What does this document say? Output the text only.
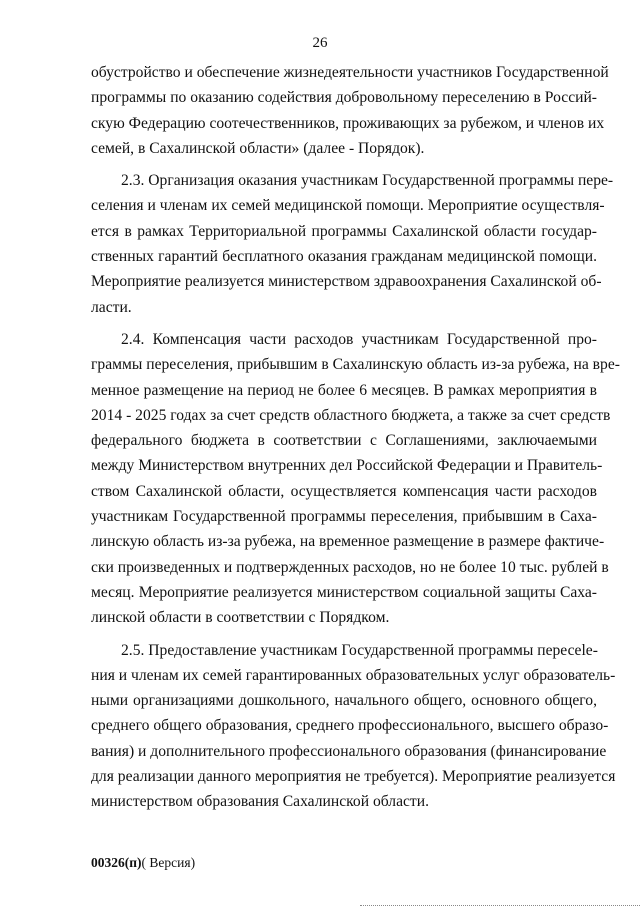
26
обустройство и обеспечение жизнедеятельности участников Государственной
программы по оказанию содействия добровольному переселению в Россий-
скую Федерацию соотечественников, проживающих за рубежом, и членов их
семей, в Сахалинской области» (далее - Порядок).
2.3. Организация оказания участникам Государственной программы пере-
селения и членам их семей медицинской помощи. Мероприятие осуществля-
ется в рамках Территориальной программы Сахалинской области государ-
ственных гарантий бесплатного оказания гражданам медицинской помощи.
Мероприятие реализуется министерством здравоохранения Сахалинской об-
ласти.
2.4. Компенсация части расходов участникам Государственной про-
граммы переселения, прибывшим в Сахалинскую область из-за рубежа, на вре-
менное размещение на период не более 6 месяцев. В рамках мероприятия в
2014 - 2025 годах за счет средств областного бюджета, а также за счет средств
федерального бюджета в соответствии с Соглашениями, заключаемыми
между Министерством внутренних дел Российской Федерации и Правитель-
ством Сахалинской области, осуществляется компенсация части расходов
участникам Государственной программы переселения, прибывшим в Саха-
линскую область из-за рубежа, на временное размещение в размере фактиче-
ски произведенных и подтвержденных расходов, но не более 10 тыс. рублей в
месяц. Мероприятие реализуется министерством социальной защиты Саха-
линской области в соответствии с Порядком.
2.5. Предоставление участникам Государственной программы пересele-
ния и членам их семей гарантированных образовательных услуг образователь-
ными организациями дошкольного, начального общего, основного общего,
среднего общего образования, среднего профессионального, высшего образо-
вания) и дополнительного профессионального образования (финансирование
для реализации данного мероприятия не требуется). Мероприятие реализуется
министерством образования Сахалинской области.
00326(п)( Версия)
